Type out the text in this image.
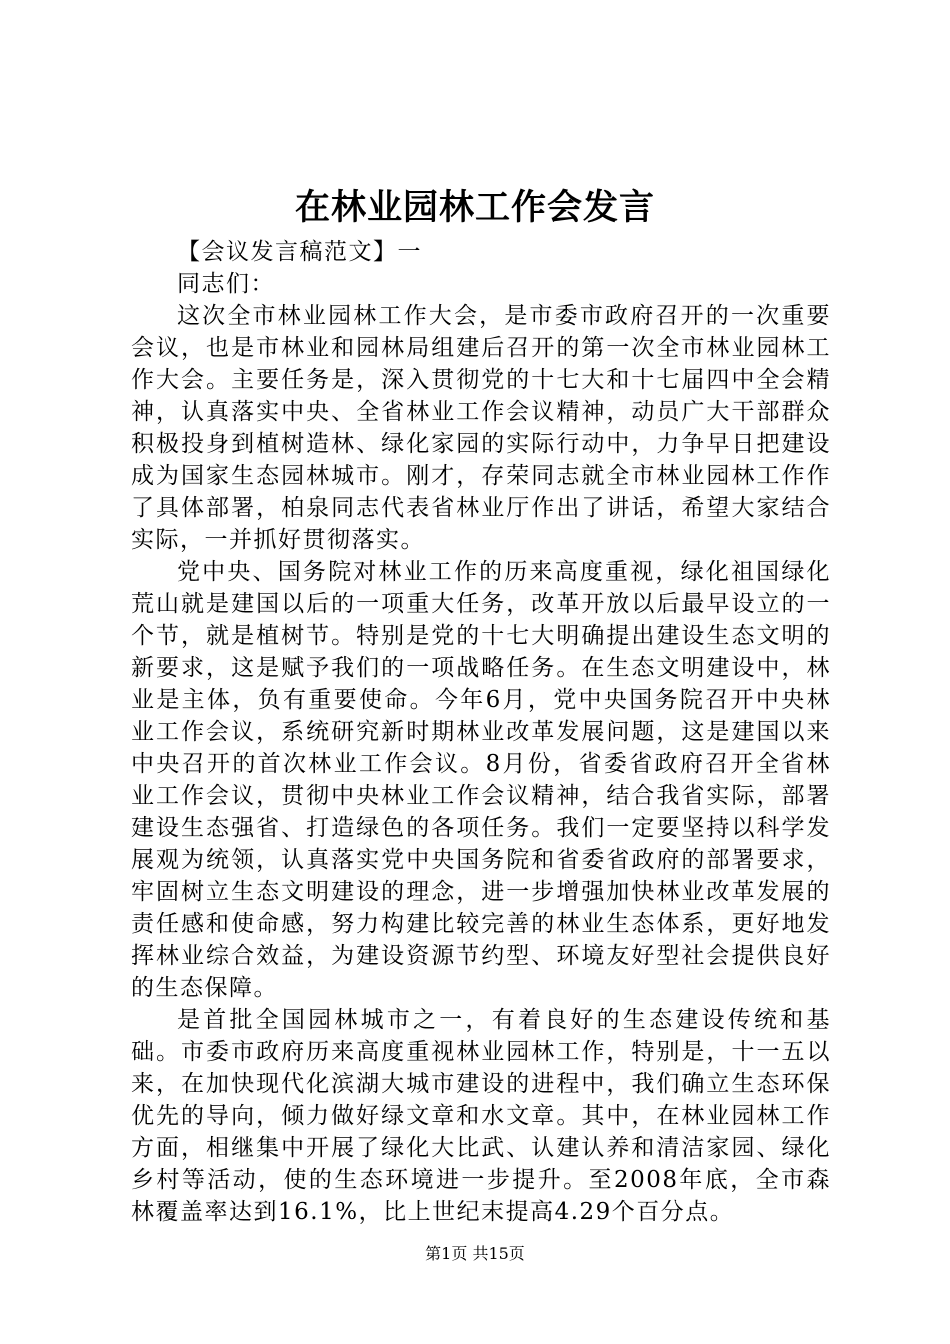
在林业园林工作会发言

【会议发言稿范文】一

同志们：

这次全市林业园林工作大会，是市委市政府召开的一次重要会议，也是市林业和园林局组建后召开的第一次全市林业园林工作大会。主要任务是，深入贯彻党的十七大和十七届四中全会精神，认真落实中央、全省林业工作会议精神，动员广大干部群众积极投身到植树造林、绿化家园的实际行动中，力争早日把建设成为国家生态园林城市。刚才，存荣同志就全市林业园林工作作了具体部署，柏泉同志代表省林业厅作出了讲话，希望大家结合实际，一并抓好贯彻落实。

党中央、国务院对林业工作的历来高度重视，绿化祖国绿化荒山就是建国以后的一项重大任务，改革开放以后最早设立的一个节，就是植树节。特别是党的十七大明确提出建设生态文明的新要求，这是赋予我们的一项战略任务。在生态文明建设中，林业是主体，负有重要使命。今年6月，党中央国务院召开中央林业工作会议，系统研究新时期林业改革发展问题，这是建国以来中央召开的首次林业工作会议。8月份，省委省政府召开全省林业工作会议，贯彻中央林业工作会议精神，结合我省实际，部署建设生态强省、打造绿色的各项任务。我们一定要坚持以科学发展观为统领，认真落实党中央国务院和省委省政府的部署要求，牢固树立生态文明建设的理念，进一步增强加快林业改革发展的责任感和使命感，努力构建比较完善的林业生态体系，更好地发挥林业综合效益，为建设资源节约型、环境友好型社会提供良好的生态保障。

是首批全国园林城市之一，有着良好的生态建设传统和基础。市委市政府历来高度重视林业园林工作，特别是，十一五以来，在加快现代化滨湖大城市建设的进程中，我们确立生态环保优先的导向，倾力做好绿文章和水文章。其中，在林业园林工作方面，相继集中开展了绿化大比武、认建认养和清洁家园、绿化乡村等活动，使的生态环境进一步提升。至2008年底，全市森林覆盖率达到16.1%，比上世纪末提高4.29个百分点。

第1页 共15页
